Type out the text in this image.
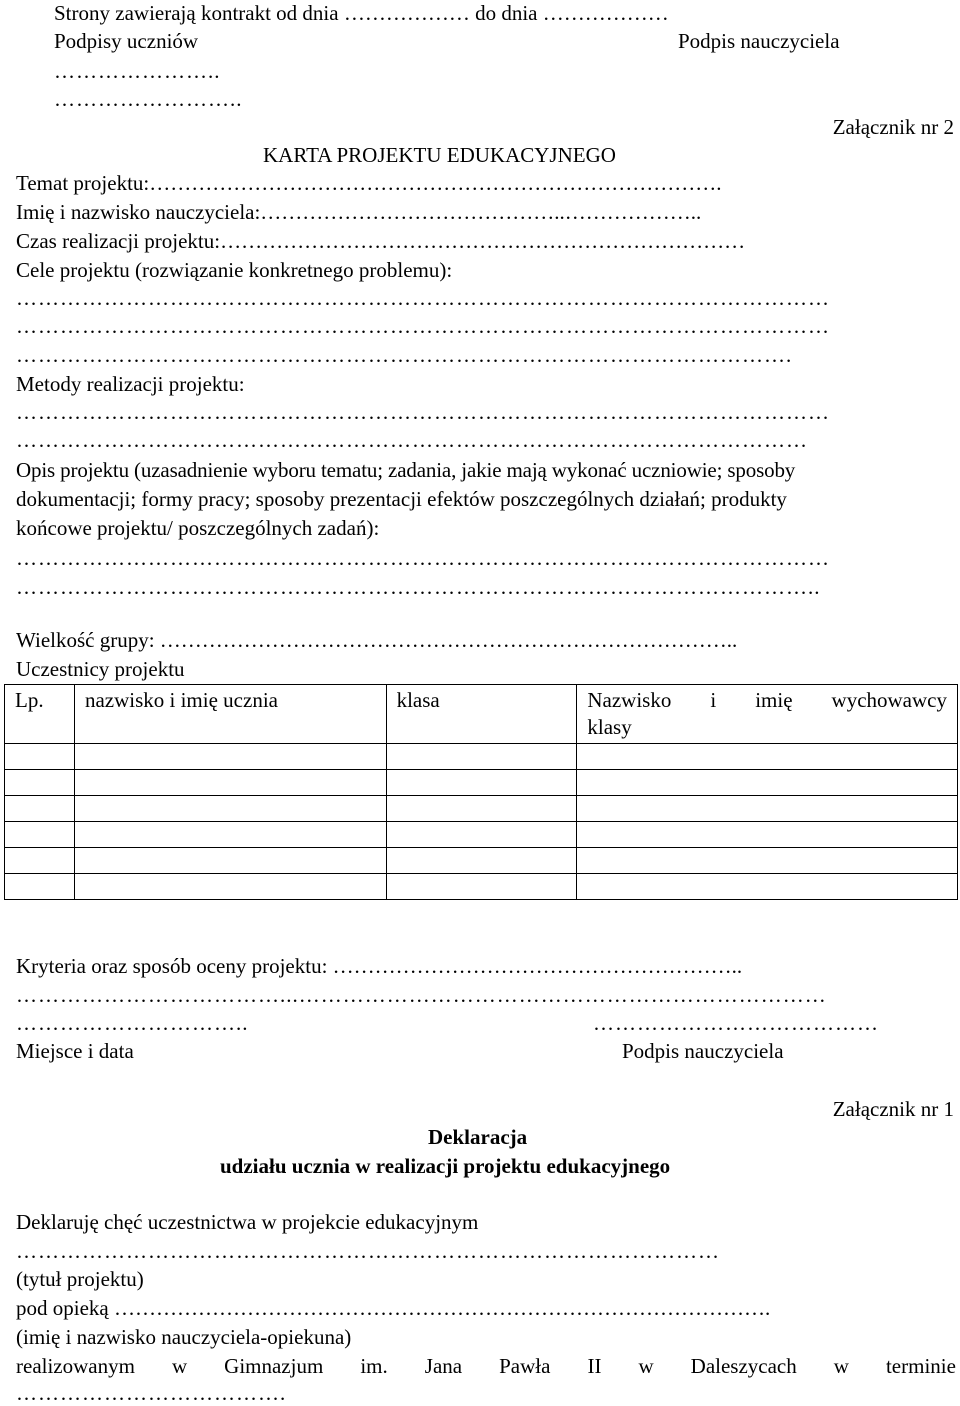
Strony zawierają kontrakt od dnia ……………… do dnia ………………
Podpisy uczniów	Podpis nauczyciela
…………………..
……………………..
Załącznik nr 2
KARTA PROJEKTU EDUKACYJNEGO
Temat projektu:……………………………………………………………………….
Imię i nazwisko nauczyciela:……………………………………..………………..
Czas realizacji projektu:…………………………………………………………………
Cele projektu (rozwiązanie konkretnego problemu):
…………………………………………………………………………………………………
…………………………………………………………………………………………………
…………………………………………………………………………………………….
Metody realizacji projektu:
…………………………………………………………………………………………………
………………………………………………………………………………………………
Opis projektu (uzasadnienie wyboru tematu; zadania, jakie mają wykonać uczniowie; sposoby
dokumentacji; formy pracy; sposoby prezentacji efektów poszczególnych działań; produkty
końcowe projektu/ poszczególnych zadań):
…………………………………………………………………………………………………
………………………………………………………………………………………………..
Wielkość grupy: ………………………………………………………………………..
Uczestnicy projektu
Lp.	nazwisko i imię ucznia	klasa	Nazwisko i imię wychowawcy
klasy

Kryteria oraz sposób oceny projektu: …………………………………………………..
………………………………...………………………………………………………………
…………………………..	…………………………………
Miejsce i data	Podpis nauczyciela
Załącznik nr 1
Deklaracja
udziału ucznia w realizacji projektu edukacyjnego
Deklaruję chęć uczestnictwa w projekcie edukacyjnym
……………………………………………………………………………………
(tytuł projektu)
pod opieką ………………………………………………………………………………….
(imię i nazwisko nauczyciela-opiekuna)
realizowanym w Gimnazjum im. Jana Pawła II w Daleszycach w terminie
……………………………….
